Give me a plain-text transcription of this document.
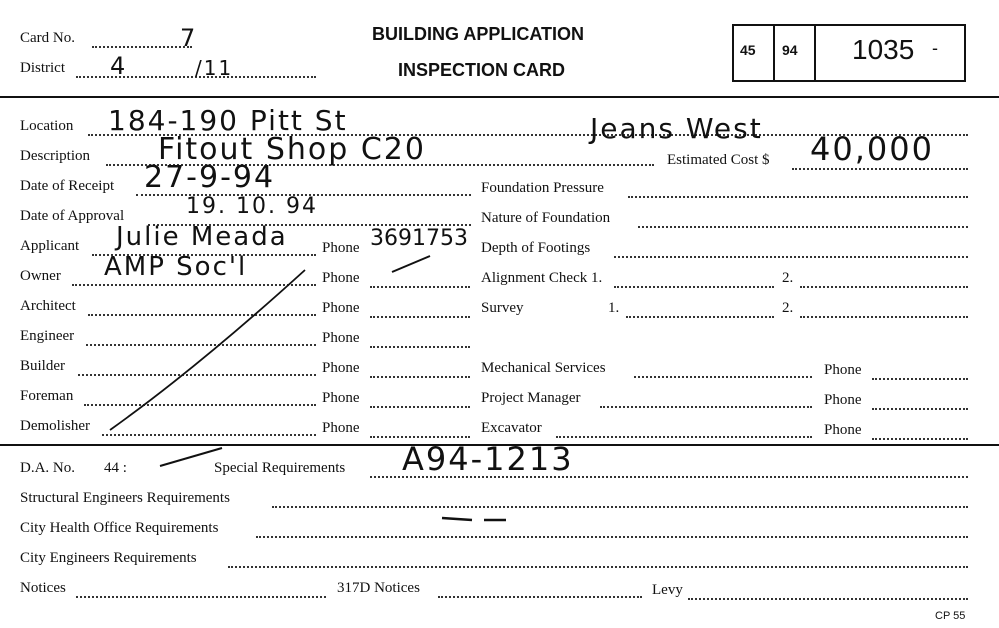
Card No.	7
District 4	/11
BUILDING APPLICATION
INSPECTION CARD
45 94 1035 -
Location 184-190 Pitt St	Jeans West
Description Fitout Shop C20	Estimated Cost $ 40,000
Date of Receipt 27-9-94
Date of Approval	19. 10. 94
Applicant Julie Meada Phone 3691753
Owner AMP Soc'l	Phone
Architect	Phone
Engineer	Phone
Builder	Phone
Foreman	Phone
Demolisher	Phone
Foundation Pressure
Nature of Foundation
Depth of Footings
Alignment Check 1.	2.
Survey	1.	2.
Mechanical Services	Phone
Project Manager	Phone
Excavator	Phone
D.A. No. 44 :	Special Requirements A94-1213
Structural Engineers Requirements
City Health Office Requirements
City Engineers Requirements
Notices	317D Notices	Levy
CP 55
